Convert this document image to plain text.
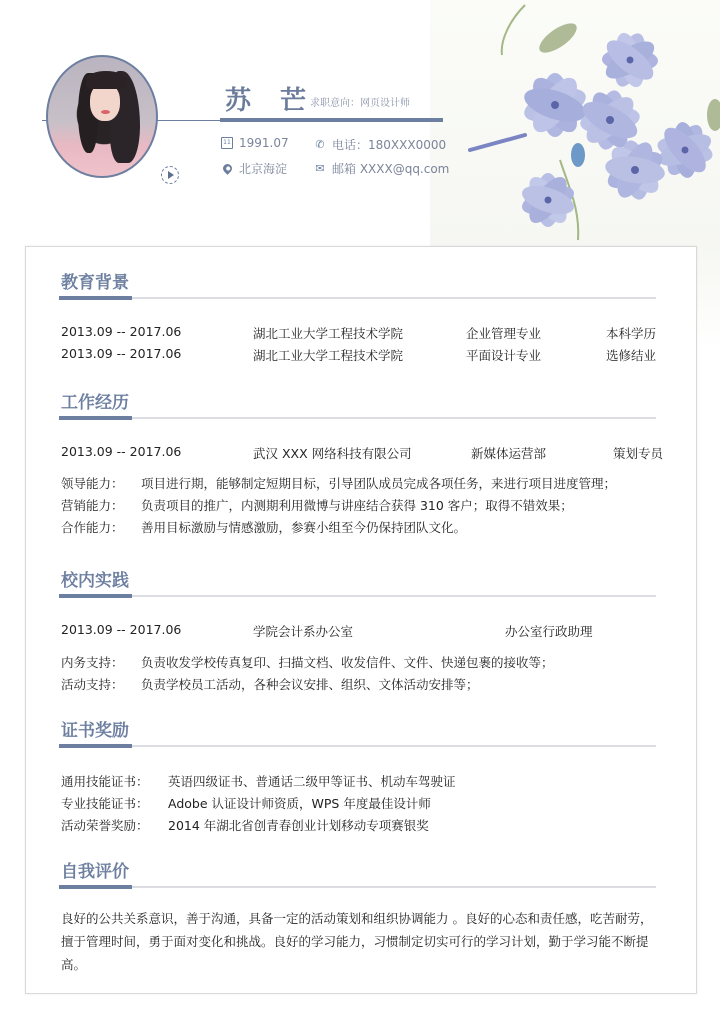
苏 芒
求职意向：网页设计师
11 1991.07
北京海淀
✆ 电话：180XXX0000
✉ 邮箱 XXXX@qq.com
教育背景
2013.09 -- 2017.06	湖北工业大学工程技术学院	企业管理专业	本科学历
2013.09 -- 2017.06	湖北工业大学工程技术学院	平面设计专业	选修结业
工作经历
2013.09 -- 2017.06	武汉 XXX 网络科技有限公司	新媒体运营部	策划专员
领导能力： 项目进行期，能够制定短期目标，引导团队成员完成各项任务，来进行项目进度管理；
营销能力： 负责项目的推广，内测期利用微博与讲座结合获得 310 客户；取得不错效果；
合作能力： 善用目标激励与情感激励，参赛小组至今仍保持团队文化。
校内实践
2013.09 -- 2017.06	学院会计系办公室	办公室行政助理
内务支持： 负责收发学校传真复印、扫描文档、收发信件、文件、快递包裹的接收等；
活动支持： 负责学校员工活动，各种会议安排、组织、文体活动安排等；
证书奖励
通用技能证书： 英语四级证书、普通话二级甲等证书、机动车驾驶证
专业技能证书： Adobe 认证设计师资质，WPS 年度最佳设计师
活动荣誉奖励： 2014 年湖北省创青春创业计划移动专项赛银奖
自我评价
良好的公共关系意识，善于沟通，具备一定的活动策划和组织协调能力 。良好的心态和责任感，吃苦耐劳，擅于管理时间，勇于面对变化和挑战。良好的学习能力，习惯制定切实可行的学习计划，勤于学习能不断提高。
